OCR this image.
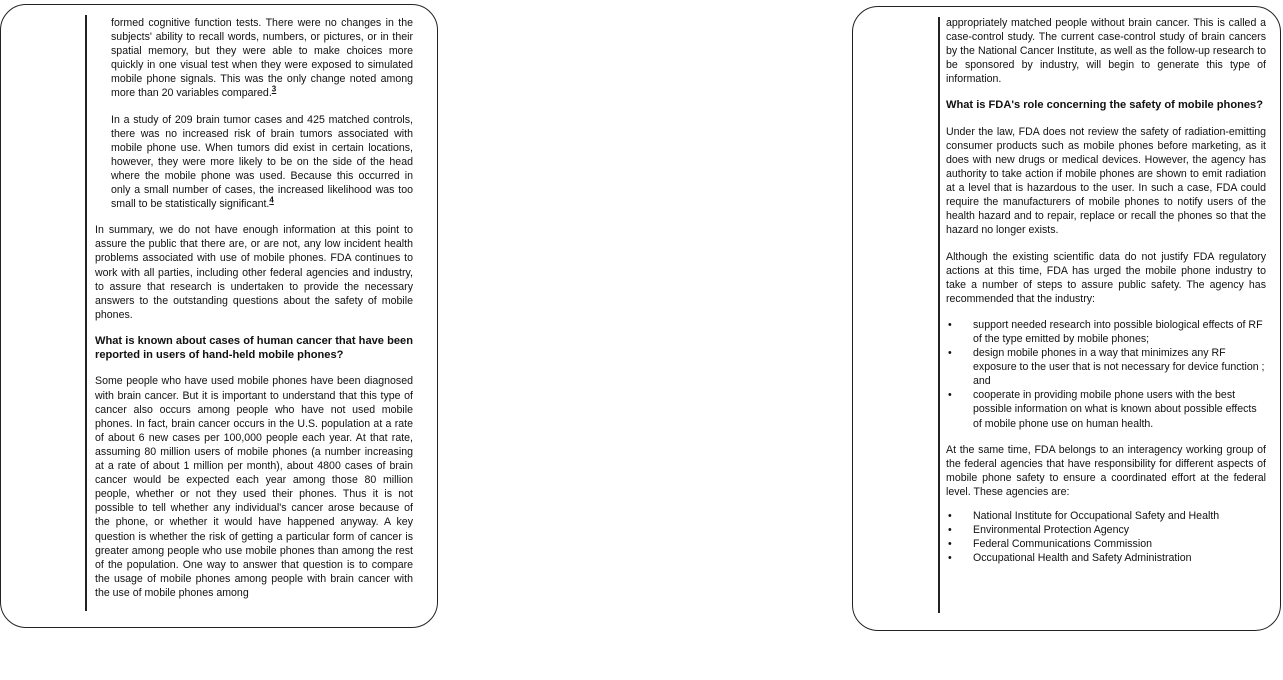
formed cognitive function tests. There were no changes in the subjects' ability to recall words, numbers, or pictures, or in their spatial memory, but they were able to make choices more quickly in one visual test when they were exposed to simulated mobile phone signals. This was the only change noted among more than 20 variables compared.$^3$

In a study of 209 brain tumor cases and 425 matched controls, there was no increased risk of brain tumors associated with mobile phone use. When tumors did exist in certain locations, however, they were more likely to be on the side of the head where the mobile phone was used. Because this occurred in only a small number of cases, the increased likelihood was too small to be statistically significant.$^4$

In summary, we do not have enough information at this point to assure the public that there are, or are not, any low incident health problems associated with use of mobile phones. FDA continues to work with all parties, including other federal agencies and industry, to assure that research is undertaken to provide the necessary answers to the outstanding questions about the safety of mobile phones.

What is known about cases of human cancer that have been reported in users of hand-held mobile phones?

Some people who have used mobile phones have been diagnosed with brain cancer. But it is important to understand that this type of cancer also occurs among people who have not used mobile phones. In fact, brain cancer occurs in the U.S. population at a rate of about 6 new cases per 100,000 people each year. At that rate, assuming 80 million users of mobile phones (a number increasing at a rate of about 1 million per month), about 4800 cases of brain cancer would be expected each year among those 80 million people, whether or not they used their phones. Thus it is not possible to tell whether any individual's cancer arose because of the phone, or whether it would have happened anyway. A key question is whether the risk of getting a particular form of cancer is greater among people who use mobile phones than among the rest of the population. One way to answer that question is to compare the usage of mobile phones among people with brain cancer with the use of mobile phones among

appropriately matched people without brain cancer. This is called a case-control study. The current case-control study of brain cancers by the National Cancer Institute, as well as the follow-up research to be sponsored by industry, will begin to generate this type of information.

What is FDA's role concerning the safety of mobile phones?

Under the law, FDA does not review the safety of radiation-emitting consumer products such as mobile phones before marketing, as it does with new drugs or medical devices. However, the agency has authority to take action if mobile phones are shown to emit radiation at a level that is hazardous to the user. In such a case, FDA could require the manufacturers of mobile phones to notify users of the health hazard and to repair, replace or recall the phones so that the hazard no longer exists.

Although the existing scientific data do not justify FDA regulatory actions at this time, FDA has urged the mobile phone industry to take a number of steps to assure public safety. The agency has recommended that the industry:

• support needed research into possible biological effects of RF of the type emitted by mobile phones;
• design mobile phones in a way that minimizes any RF exposure to the user that is not necessary for device function ; and
• cooperate in providing mobile phone users with the best possible information on what is known about possible effects of mobile phone use on human health.

At the same time, FDA belongs to an interagency working group of the federal agencies that have responsibility for different aspects of mobile phone safety to ensure a coordinated effort at the federal level. These agencies are:

• National Institute for Occupational Safety and Health
• Environmental Protection Agency
• Federal Communications Commission
• Occupational Health and Safety Administration
